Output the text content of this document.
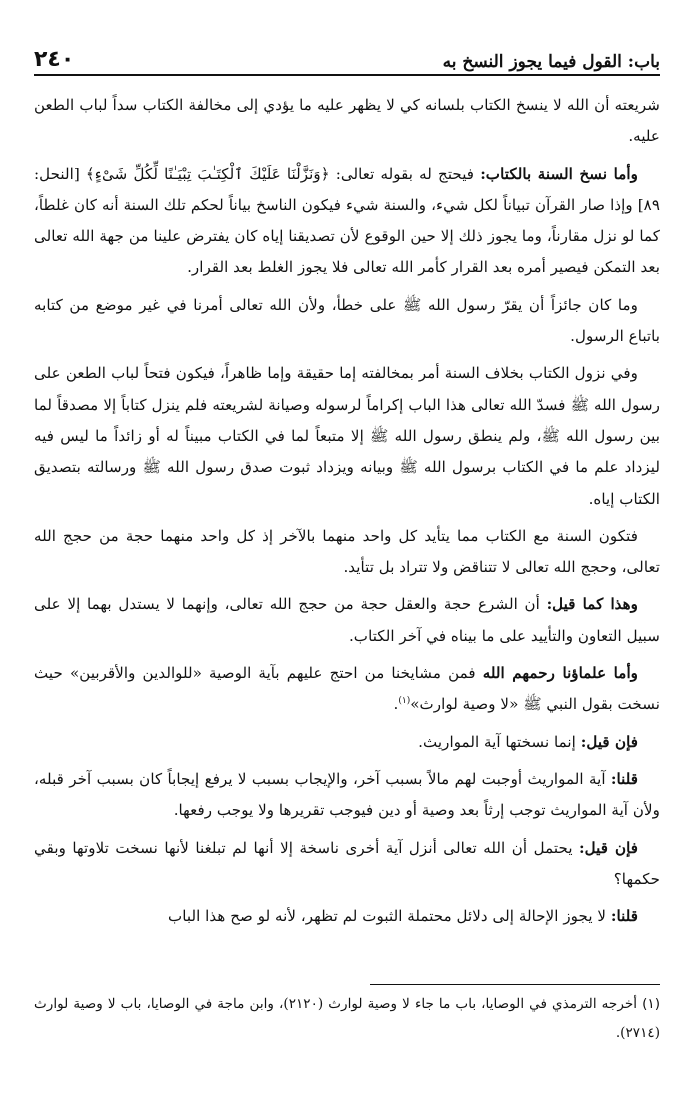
باب: القول فيما يجوز النسخ به
٢٤٠

شريعته أن الله لا ينسخ الكتاب بلسانه كي لا يظهر عليه ما يؤدي إلى مخالفة الكتاب سداً لباب الطعن عليه.

وأما نسخ السنة بالكتاب: فيحتج له بقوله تعالى: ﴿وَنَزَّلْنَا عَلَيْكَ ٱلْكِتَـٰبَ تِبْيَـٰنًا لِّكُلِّ شَىْءٍ﴾ [النحل: ٨٩] وإذا صار القرآن تبياناً لكل شيء، والسنة شيء فيكون الناسخ بياناً لحكم تلك السنة أنه كان غلطاً، كما لو نزل مقارناً، وما يجوز ذلك إلا حين الوقوع لأن تصديقنا إياه كان يفترض علينا من جهة الله تعالى بعد التمكن فيصير أمره بعد القرار كأمر الله تعالى فلا يجوز الغلط بعد القرار.

وما كان جائزاً أن يقرّ رسول الله ﷺ على خطأ، ولأن الله تعالى أمرنا في غير موضع من كتابه باتباع الرسول.

وفي نزول الكتاب بخلاف السنة أمر بمخالفته إما حقيقة وإما ظاهراً، فيكون فتحاً لباب الطعن على رسول الله ﷺ فسدّ الله تعالى هذا الباب إكراماً لرسوله وصيانة لشريعته فلم ينزل كتاباً إلا مصدقاً لما بين رسول الله ﷺ، ولم ينطق رسول الله ﷺ إلا متبعاً لما في الكتاب مبيناً له أو زائداً ما ليس فيه ليزداد علم ما في الكتاب برسول الله ﷺ وبيانه ويزداد ثبوت صدق رسول الله ﷺ ورسالته بتصديق الكتاب إياه.

فتكون السنة مع الكتاب مما يتأيد كل واحد منهما بالآخر إذ كل واحد منهما حجة من حجج الله تعالى، وحجج الله تعالى لا تتناقض ولا تتراد بل تتأيد.

وهذا كما قيل: أن الشرع حجة والعقل حجة من حجج الله تعالى، وإنهما لا يستدل بهما إلا على سبيل التعاون والتأييد على ما بيناه في آخر الكتاب.

وأما علماؤنا رحمهم الله فمن مشايخنا من احتج عليهم بآية الوصية «للوالدين والأقربين» حيث نسخت بقول النبي ﷺ «لا وصية لوارث»$^{(١)}$.

فإن قيل: إنما نسختها آية المواريث.

قلنا: آية المواريث أوجبت لهم مالاً بسبب آخر، والإيجاب بسبب لا يرفع إيجاباً كان بسبب آخر قبله، ولأن آية المواريث توجب إرثاً بعد وصية أو دين فيوجب تقريرها ولا يوجب رفعها.

فإن قيل: يحتمل أن الله تعالى أنزل آية أخرى ناسخة إلا أنها لم تبلغنا لأنها نسخت تلاوتها وبقي حكمها؟

قلنا: لا يجوز الإحالة إلى دلائل محتملة الثبوت لم تظهر، لأنه لو صح هذا الباب

(١) أخرجه الترمذي في الوصايا، باب ما جاء لا وصية لوارث (٢١٢٠)، وابن ماجة في الوصايا، باب لا وصية لوارث (٢٧١٤).
